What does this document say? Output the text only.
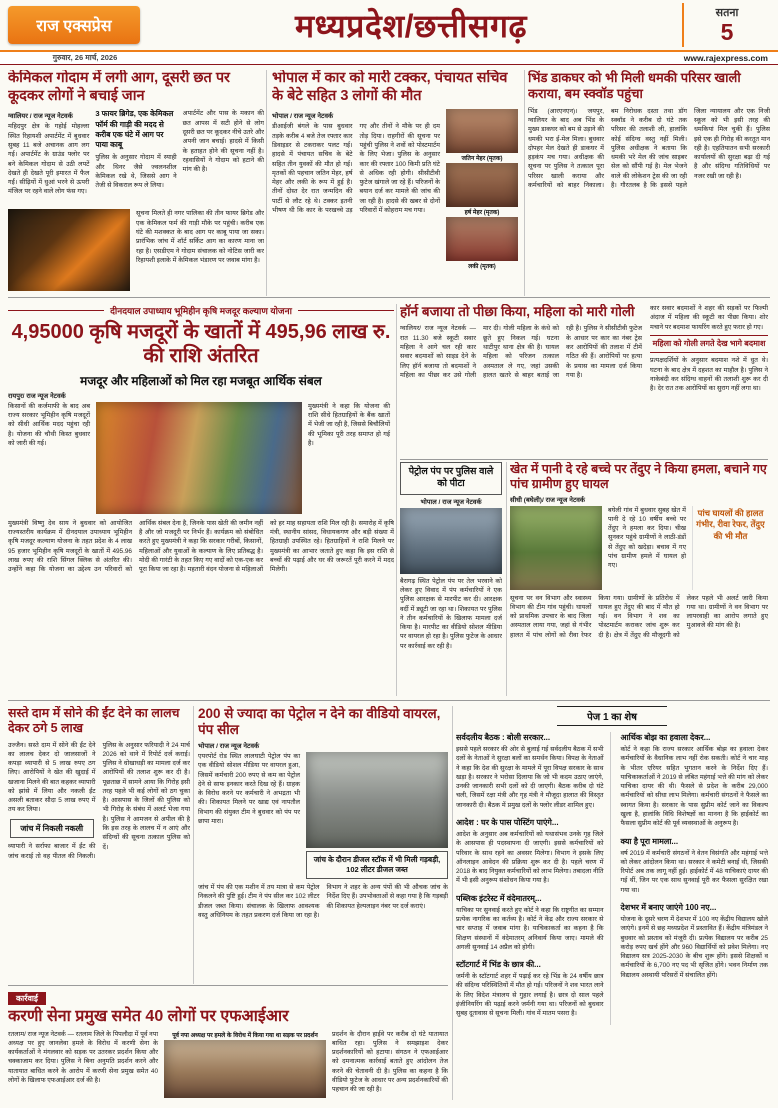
राज एक्सप्रेस	मध्यप्रदेश/छत्तीसगढ़	सतना
5
गुरुवार, 26 मार्च, 2026	www.rajexpress.com
केमिकल गोदाम में लगी आग, दूसरी छत पर कूदकर लोगों ने बचाई जान
ग्वालियर / राज न्यूज नेटवर्क
महिदपुर क्षेत्र के गहोई मोहल्ला स्थित रिहायशी अपार्टमेंट में बुधवार सुबह 11 बजे अचानक आग लग गई। अपार्टमेंट के ग्राउंड फ्लोर पर बने केमिकल गोदाम से उठी लपटें देखते ही देखते पूरी इमारत में फैल गईं। सीढ़ियों में धुआं भरने से ऊपरी मंजिल पर रहने वाले लोग फंस गए।
3 फायर ब्रिगेड, एक केमिकल फॉर्म की गाड़ी की मदद से करीब एक घंटे में आग पर पाया काबू
पुलिस के अनुसार गोदाम में स्याही और थिनर जैसे ज्वलनशील केमिकल रखे थे, जिससे आग ने तेजी से विकराल रूप ले लिया।
अपार्टमेंट और पास के मकान की छत आपस में सटी होने से लोग दूसरी छत पर कूदकर नीचे उतरे और अपनी जान बचाई। हादसे में किसी के हताहत होने की सूचना नहीं है। रहवासियों ने गोदाम को हटाने की मांग की है।
सूचना मिलते ही नगर पालिका की तीन फायर ब्रिगेड और एक केमिकल फर्म की गाड़ी मौके पर पहुंची। करीब एक घंटे की मशक्कत के बाद आग पर काबू पाया जा सका। प्रारंभिक जांच में शॉर्ट सर्किट आग का कारण माना जा रहा है। एसडीएम ने गोदाम संचालक को नोटिस जारी कर रिहायशी इलाके में केमिकल भंडारण पर जवाब मांगा है।
भोपाल में कार को मारी टक्कर, पंचायत सचिव के बेटे सहित 3 लोगों की मौत
भोपाल / राज न्यूज नेटवर्क
डीआईजी बंगले के पास बुधवार तड़के करीब 4 बजे तेज रफ्तार कार डिवाइडर से टकराकर पलट गई। हादसे में पंचायत सचिव के बेटे सहित तीन युवकों की मौत हो गई। मृतकों की पहचान जतिन मेहर, हर्ष मेहर और लकी के रूप में हुई है। तीनों दोस्त देर रात जन्मदिन की पार्टी से लौट रहे थे। टक्कर इतनी भीषण थी कि कार के परखच्चे उड़ गए और तीनों ने मौके पर ही दम तोड़ दिया। राहगीरों की सूचना पर पहुंची पुलिस ने शवों को पोस्टमार्टम के लिए भेजा। पुलिस के अनुसार कार की रफ्तार 100 किमी प्रति घंटे से अधिक रही होगी। सीसीटीवी फुटेज खंगाले जा रहे हैं। परिजनों के बयान दर्ज कर मामले की जांच की जा रही है। हादसे की खबर से दोनों परिवारों में कोहराम मच गया।
जतिन मेहर (मृतक)
हर्ष मेहर (मृतक)
लकी (मृतक)
भिंड डाकघर को भी मिली धमकी परिसर खाली कराया, बम स्क्वॉड पहुंचा
भिंड (आरएनएन)। जयपुर, ग्वालियर के बाद अब भिंड के मुख्य डाकघर को बम से उड़ाने की धमकी भरा ई-मेल मिला। बुधवार दोपहर मेल देखते ही डाकघर में हड़कंप मच गया। अधीक्षक की सूचना पर पुलिस ने तत्काल पूरा परिसर खाली कराया और कर्मचारियों को बाहर निकाला। बम निरोधक दस्ता तथा डॉग स्क्वॉड ने करीब दो घंटे तक परिसर की तलाशी ली, हालांकि कोई संदिग्ध वस्तु नहीं मिली। पुलिस अधीक्षक ने बताया कि धमकी भरे मेल की जांच साइबर सेल को सौंपी गई है। मेल भेजने वाले की लोकेशन ट्रेस की जा रही है। गौरतलब है कि इससे पहले जिला न्यायालय और एक निजी स्कूल को भी इसी तरह की धमकियां मिल चुकी हैं। पुलिस इसे एक ही गिरोह की करतूत मान रही है। एहतियातन सभी सरकारी कार्यालयों की सुरक्षा बढ़ा दी गई है और संदिग्ध गतिविधियों पर नजर रखी जा रही है।
दीनदयाल उपाध्याय भूमिहीन कृषि मजदूर कल्याण योजना
4,95000 कृषि मजदूरों के खातों में 495,96 लाख रु. की राशि अंतरित
मजदूर और महिलाओं को मिल रहा मजबूत आर्थिक संबल
रायपुर/ राज न्यूज नेटवर्क
किसानों की कर्जमाफी के बाद अब राज्य सरकार भूमिहीन कृषि मजदूरों को सीधी आर्थिक मदद पहुंचा रही है। योजना की चौथी किस्त बुधवार को जारी की गई।
मुख्यमंत्री ने कहा कि योजना की राशि सीधे हितग्राहियों के बैंक खातों में भेजी जा रही है, जिससे बिचौलियों की भूमिका पूरी तरह समाप्त हो गई है।
मुख्यमंत्री विष्णु देव साय ने बुधवार को आयोजित राज्यस्तरीय कार्यक्रम में दीनदयाल उपाध्याय भूमिहीन कृषि मजदूर कल्याण योजना के तहत प्रदेश के 4 लाख 95 हजार भूमिहीन कृषि मजदूरों के खातों में 495.96 लाख रुपए की राशि सिंगल क्लिक से अंतरित की। उन्होंने कहा कि योजना का उद्देश्य उन परिवारों को आर्थिक संबल देना है, जिनके पास खेती की जमीन नहीं है और जो मजदूरी पर निर्भर हैं। कार्यक्रम को संबोधित करते हुए मुख्यमंत्री ने कहा कि सरकार गरीबों, किसानों, महिलाओं और युवाओं के कल्याण के लिए प्रतिबद्ध है। मोदी की गारंटी के तहत किए गए वादों को एक-एक कर पूरा किया जा रहा है। महतारी वंदन योजना से महिलाओं को हर माह सहायता राशि मिल रही है। समारोह में कृषि मंत्री, स्थानीय सांसद, विधायकगण और बड़ी संख्या में हितग्राही उपस्थित रहे। हितग्राहियों ने राशि मिलने पर मुख्यमंत्री का आभार जताते हुए कहा कि इस राशि से बच्चों की पढ़ाई और घर की जरूरतें पूरी करने में मदद मिलेगी।
हॉर्न बजाया तो पीछा किया, महिला को मारी गोली
ग्वालियर/ राज न्यूज नेटवर्क — रात 11.30 बजे स्कूटी सवार महिला ने आगे चल रही कार सवार बदमाशों को साइड देने के लिए हॉर्न बजाया तो बदमाशों ने महिला का पीछा कर उसे गोली मार दी। गोली महिला के कंधे को छूते हुए निकल गई। घटना थाटीपुर थाना क्षेत्र की है। घायल महिला को परिजन तत्काल अस्पताल ले गए, जहां उसकी हालत खतरे से बाहर बताई जा रही है। पुलिस ने सीसीटीवी फुटेज के आधार पर कार का नंबर ट्रेस कर आरोपियों की तलाश में टीमें गठित की हैं। आरोपियों पर हत्या के प्रयास का मामला दर्ज किया गया है।
कार सवार बदमाशों ने शहर की सड़कों पर फिल्मी अंदाज में महिला की स्कूटी का पीछा किया। शोर मचाने पर बदमाश फायरिंग करते हुए फरार हो गए।
महिला को गोली लगते देख भागे बदमाश
प्रत्यक्षदर्शियों के अनुसार बदमाश नशे में धुत थे। घटना के बाद क्षेत्र में दहशत का माहौल है। पुलिस ने नाकेबंदी कर संदिग्ध वाहनों की तलाशी शुरू कर दी है। देर रात तक आरोपियों का सुराग नहीं लगा था।
पेट्रोल पंप पर पुलिस वाले को पीटा
भोपाल / राज न्यूज नेटवर्क
बैरागढ़ स्थित पेट्रोल पंप पर तेल भरवाने को लेकर हुए विवाद में पंप कर्मचारियों ने एक पुलिस आरक्षक से मारपीट कर दी। आरक्षक वर्दी में ड्यूटी जा रहा था। शिकायत पर पुलिस ने तीन कर्मचारियों के खिलाफ मामला दर्ज किया है। मारपीट का वीडियो सोशल मीडिया पर वायरल हो रहा है। पुलिस फुटेज के आधार पर कार्रवाई कर रही है।
खेत में पानी दे रहे बच्चे पर तेंदुए ने किया हमला, बचाने गए पांच ग्रामीण हुए घायल
सीधी (बघेली)/ राज न्यूज नेटवर्क
बघेली गांव में बुधवार सुबह खेत में पानी दे रहे 10 वर्षीय बच्चे पर तेंदुए ने हमला कर दिया। चीख सुनकर पहुंचे ग्रामीणों ने लाठी-डंडों से तेंदुए को खदेड़ा। बचाव में गए पांच ग्रामीण हमले में घायल हो गए।
पांच घायलों की हालत गंभीर, रीवा रेफर, तेंदुए की भी मौत
सूचना पर वन विभाग और स्वास्थ्य विभाग की टीम गांव पहुंची। घायलों को प्राथमिक उपचार के बाद जिला अस्पताल लाया गया, जहां से गंभीर हालत में पांच लोगों को रीवा रेफर किया गया। ग्रामीणों के प्रतिरोध में घायल हुए तेंदुए की बाद में मौत हो गई। वन विभाग ने शव का पोस्टमार्टम कराकर जांच शुरू कर दी है। क्षेत्र में तेंदुए की मौजूदगी को लेकर पहले भी अलर्ट जारी किया गया था। ग्रामीणों ने वन विभाग पर लापरवाही का आरोप लगाते हुए मुआवजे की मांग की है।
सस्ते दाम में सोने की ईंट देने का लालच देकर ठगे 5 लाख
उज्जैन। सस्ते दाम में सोने की ईंट देने का लालच देकर दो जालसाजों ने कपड़ा व्यापारी से 5 लाख रुपए ठग लिए। आरोपियों ने खेत की खुदाई में खजाना मिलने की बात कहकर व्यापारी को झांसे में लिया और नकली ईंट असली बताकर सौदा 5 लाख रुपए में तय कर लिया।
जांच में निकली नकली
व्यापारी ने सर्राफा बाजार में ईंट की जांच कराई तो वह पीतल की निकली। पुलिस के अनुसार फरियादी ने 24 मार्च 2026 को थाने में रिपोर्ट दर्ज कराई। पुलिस ने धोखाधड़ी का मामला दर्ज कर आरोपियों की तलाश शुरू कर दी है। पूछताछ में सामने आया कि गिरोह इसी तरह पहले भी कई लोगों को ठग चुका है। आसपास के जिलों की पुलिस को भी गिरोह के संबंध में अलर्ट भेजा गया है। पुलिस ने आमजन से अपील की है कि इस तरह के लालच में न आएं और संदिग्धों की सूचना तत्काल पुलिस को दें।
200 से ज्यादा का पेट्रोल न देने का वीडियो वायरल, पंप सील
भोपाल / राज न्यूज नेटवर्क
एयरपोर्ट रोड स्थित लालघाटी पेट्रोल पंप का एक वीडियो सोशल मीडिया पर वायरल हुआ, जिसमें कर्मचारी 200 रुपए से कम का पेट्रोल देने से साफ इनकार करते दिख रहे हैं। ग्राहक के विरोध करने पर कर्मचारी ने अभद्रता भी की। शिकायत मिलने पर खाद्य एवं नापतौल विभाग की संयुक्त टीम ने बुधवार को पंप पर छापा मारा।
जांच के दौरान डीजल स्टॉक में भी मिली गड़बड़ी, 102 लीटर डीजल जब्त
जांच में पंप की एक मशीन में तय मात्रा से कम पेट्रोल निकलने की पुष्टि हुई। टीम ने पंप सील कर 102 लीटर डीजल जब्त किया। संचालक के खिलाफ आवश्यक वस्तु अधिनियम के तहत प्रकरण दर्ज किया जा रहा है। विभाग ने शहर के अन्य पंपों की भी औचक जांच के निर्देश दिए हैं। उपभोक्ताओं से कहा गया है कि गड़बड़ी की शिकायत हेल्पलाइन नंबर पर दर्ज कराएं।
कार्रवाई
करणी सेना प्रमुख समेत 40 लोगों पर एफआईआर
रतलाम/ राज न्यूज नेटवर्क — रतलाम जिले के पिपलौदा में पूर्व नपा अध्यक्ष पर हुए जानलेवा हमले के विरोध में करणी सेना के कार्यकर्ताओं ने मंगलवार को सड़क पर उतरकर प्रदर्शन किया और चक्काजाम कर दिया। पुलिस ने बिना अनुमति प्रदर्शन करने और यातायात बाधित करने के आरोप में करणी सेना प्रमुख समेत 40 लोगों के खिलाफ एफआईआर दर्ज की है।
पूर्व नपा अध्यक्ष पर हमले के विरोध में किया गया था सड़क पर प्रदर्शन	प्रदर्शन के दौरान हाईवे पर करीब दो घंटे यातायात बाधित रहा। पुलिस ने समझाइश देकर प्रदर्शनकारियों को हटाया। संगठन ने एफआईआर को दमनात्मक कार्रवाई बताते हुए आंदोलन तेज करने की चेतावनी दी है। पुलिस का कहना है कि वीडियो फुटेज के आधार पर अन्य प्रदर्शनकारियों की पहचान की जा रही है।
पेज 1 का शेष
सर्वदलीय बैठक : बोली सरकार...
इससे पहले सरकार की ओर से बुलाई गई सर्वदलीय बैठक में सभी दलों के नेताओं ने सुरक्षा बलों का समर्थन किया। विपक्ष के नेताओं ने कहा कि देश की सुरक्षा के मामले में पूरा विपक्ष सरकार के साथ खड़ा है। सरकार ने भरोसा दिलाया कि जो भी कदम उठाए जाएंगे, उनकी जानकारी सभी दलों को दी जाएगी। बैठक करीब दो घंटे चली, जिसमें रक्षा मंत्री और गृह मंत्री ने मौजूदा हालात की विस्तृत जानकारी दी। बैठक में प्रमुख दलों के फ्लोर लीडर शामिल हुए।
आदेश : घर के पास पोस्टिंग पाएंगे...
आदेश के अनुसार अब कर्मचारियों को यथासंभव उनके गृह जिले के आसपास ही पदस्थापना दी जाएगी। इससे कर्मचारियों को परिवार के साथ रहने का अवसर मिलेगा। विभाग ने इसके लिए ऑनलाइन आवेदन की प्रक्रिया शुरू कर दी है। पहले चरण में 2018 के बाद नियुक्त कर्मचारियों को लाभ मिलेगा। तबादला नीति में भी इसी अनुरूप संशोधन किया गया है।
पब्लिक इंटरेस्ट में वंदेमातरम्...
याचिका पर सुनवाई करते हुए कोर्ट ने कहा कि राष्ट्रगीत का सम्मान प्रत्येक नागरिक का कर्तव्य है। कोर्ट ने केंद्र और राज्य सरकार से चार सप्ताह में जवाब मांगा है। याचिकाकर्ता का कहना है कि शिक्षण संस्थानों में वंदेमातरम् अनिवार्य किया जाए। मामले की अगली सुनवाई 14 अप्रैल को होगी।
स्टॉटगार्ट में भिंड के छात्र की...
जर्मनी के स्टॉटगार्ट शहर में पढ़ाई कर रहे भिंड के 24 वर्षीय छात्र की संदिग्ध परिस्थितियों में मौत हो गई। परिजनों ने शव भारत लाने के लिए विदेश मंत्रालय से गुहार लगाई है। छात्र दो साल पहले इंजीनियरिंग की पढ़ाई करने जर्मनी गया था। परिजनों को बुधवार सुबह दूतावास से सूचना मिली। गांव में मातम पसरा है।
आर्थिक बोझ का हवाला देकर...
कोर्ट ने कहा कि राज्य सरकार आर्थिक बोझ का हवाला देकर कर्मचारियों के वैधानिक लाभ नहीं रोक सकती। कोर्ट ने चार माह के भीतर एरियर सहित भुगतान करने के निर्देश दिए हैं। याचिकाकर्ताओं ने 2019 से लंबित महंगाई भत्ते की मांग को लेकर याचिका दायर की थी। फैसले से प्रदेश के करीब 29,000 कर्मचारियों को सीधा लाभ मिलेगा। कर्मचारी संगठनों ने फैसले का स्वागत किया है। सरकार के पास सुप्रीम कोर्ट जाने का विकल्प खुला है, हालांकि विधि विशेषज्ञों का मानना है कि हाईकोर्ट का फैसला सुप्रीम कोर्ट की पूर्व व्यवस्थाओं के अनुरूप है।
क्या है पूरा मामला...
वर्ष 2019 में कर्मचारी संगठनों ने वेतन विसंगति और महंगाई भत्ते को लेकर आंदोलन किया था। सरकार ने कमेटी बनाई थी, जिसकी रिपोर्ट अब तक लागू नहीं हुई। हाईकोर्ट में 48 याचिकाएं दायर की गई थीं, जिन पर एक साथ सुनवाई पूरी कर फैसला सुरक्षित रखा गया था।
देशभर में बनाए जाएंगे 100 नए...
योजना के दूसरे चरण में देशभर में 100 नए केंद्रीय विद्यालय खोले जाएंगे। इनमें से छह मध्यप्रदेश में प्रस्तावित हैं। केंद्रीय मंत्रिमंडल ने बुधवार को प्रस्ताव को मंजूरी दी। प्रत्येक विद्यालय पर करीब 25 करोड़ रुपए खर्च होंगे और 960 विद्यार्थियों को प्रवेश मिलेगा। नए विद्यालय सत्र 2025-2030 के बीच शुरू होंगे। इससे शिक्षकों व कर्मचारियों के 6,700 नए पद भी सृजित होंगे। भवन निर्माण तक विद्यालय अस्थायी परिसरों में संचालित होंगे।
